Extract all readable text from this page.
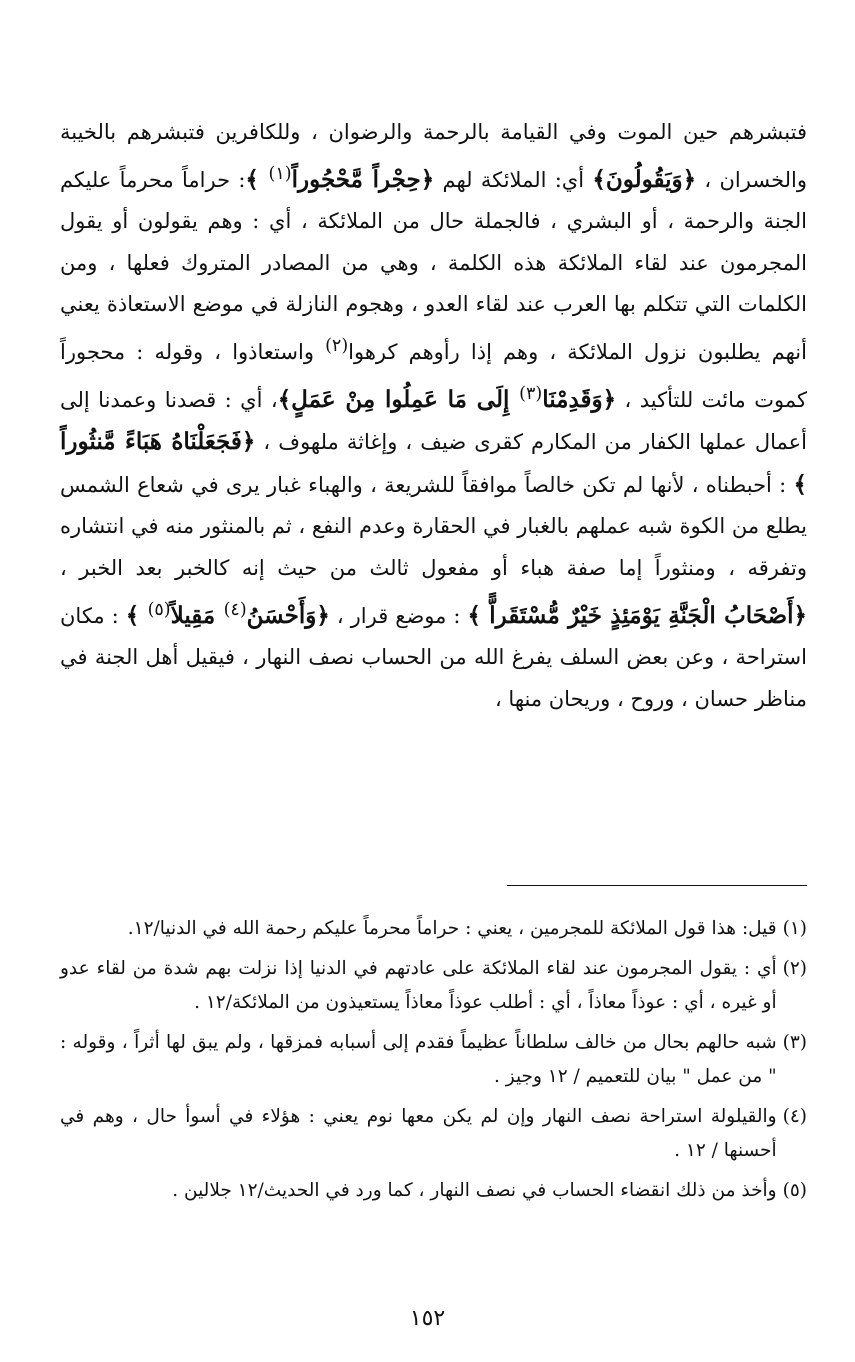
فتبشرهم حين الموت وفي القيامة بالرحمة والرضوان ، وللكافرين فتبشرهم بالخيبة والخسران ، ﴿وَيَقُولُونَ﴾ أي: الملائكة لهم ﴿حِجْراً مَّحْجُوراً$^{(١)}$ ﴾: حراماً محرماً عليكم الجنة والرحمة ، أو البشري ، فالجملة حال من الملائكة ، أي : وهم يقولون أو يقول المجرمون عند لقاء الملائكة هذه الكلمة ، وهي من المصادر المتروك فعلها ، ومن الكلمات التي تتكلم بها العرب عند لقاء العدو ، وهجوم النازلة في موضع الاستعاذة يعني أنهم يطلبون نزول الملائكة ، وهم إذا رأوهم كرهوا$^{(٢)}$ واستعاذوا ، وقوله : محجوراً كموت مائت للتأكيد ، ﴿وَقَدِمْنَا$^{(٣)}$ إِلَى مَا عَمِلُوا مِنْ عَمَلٍ﴾، أي : قصدنا وعمدنا إلى أعمال عملها الكفار من المكارم كقرى ضيف ، وإغاثة ملهوف ، ﴿فَجَعَلْنَاهُ هَبَاءً مَّنثُوراً ﴾ : أحبطناه ، لأنها لم تكن خالصاً موافقاً للشريعة ، والهباء غبار يرى في شعاع الشمس يطلع من الكوة شبه عملهم بالغبار في الحقارة وعدم النفع ، ثم بالمنثور منه في انتشاره وتفرقه ، ومنثوراً إما صفة هباء أو مفعول ثالث من حيث إنه كالخبر بعد الخبر ، ﴿أَصْحَابُ الْجَنَّةِ يَوْمَئِذٍ خَيْرٌ مُّسْتَقَراًّ ﴾ : موضع قرار ، ﴿وَأَحْسَنُ$^{(٤)}$ مَقِيلاً$^{(٥)}$ ﴾ : مكان استراحة ، وعن بعض السلف يفرغ الله من الحساب نصف النهار ، فيقيل أهل الجنة في مناظر حسان ، وروح ، وريحان منها ،

(١)
قيل: هذا قول الملائكة للمجرمين ، يعني : حراماً محرماً عليكم رحمة الله في الدنيا/١٢.
(٢)
أي : يقول المجرمون عند لقاء الملائكة على عادتهم في الدنيا إذا نزلت بهم شدة من لقاء عدو أو غيره ، أي : عوذاً معاذاً ، أي : أطلب عوذاً معاذاً يستعيذون من الملائكة/١٢ .
(٣)
شبه حالهم بحال من خالف سلطاناً عظيماً فقدم إلى أسبابه فمزقها ، ولم يبق لها أثراً ، وقوله : " من عمل " بيان للتعميم / ١٢ وجيز .
(٤)
والقيلولة استراحة نصف النهار وإن لم يكن معها نوم يعني : هؤلاء في أسوأ حال ، وهم في أحسنها / ١٢ .
(٥)
وأخذ من ذلك انقضاء الحساب في نصف النهار ، كما ورد في الحديث/١٢ جلالين .
١٥٢
